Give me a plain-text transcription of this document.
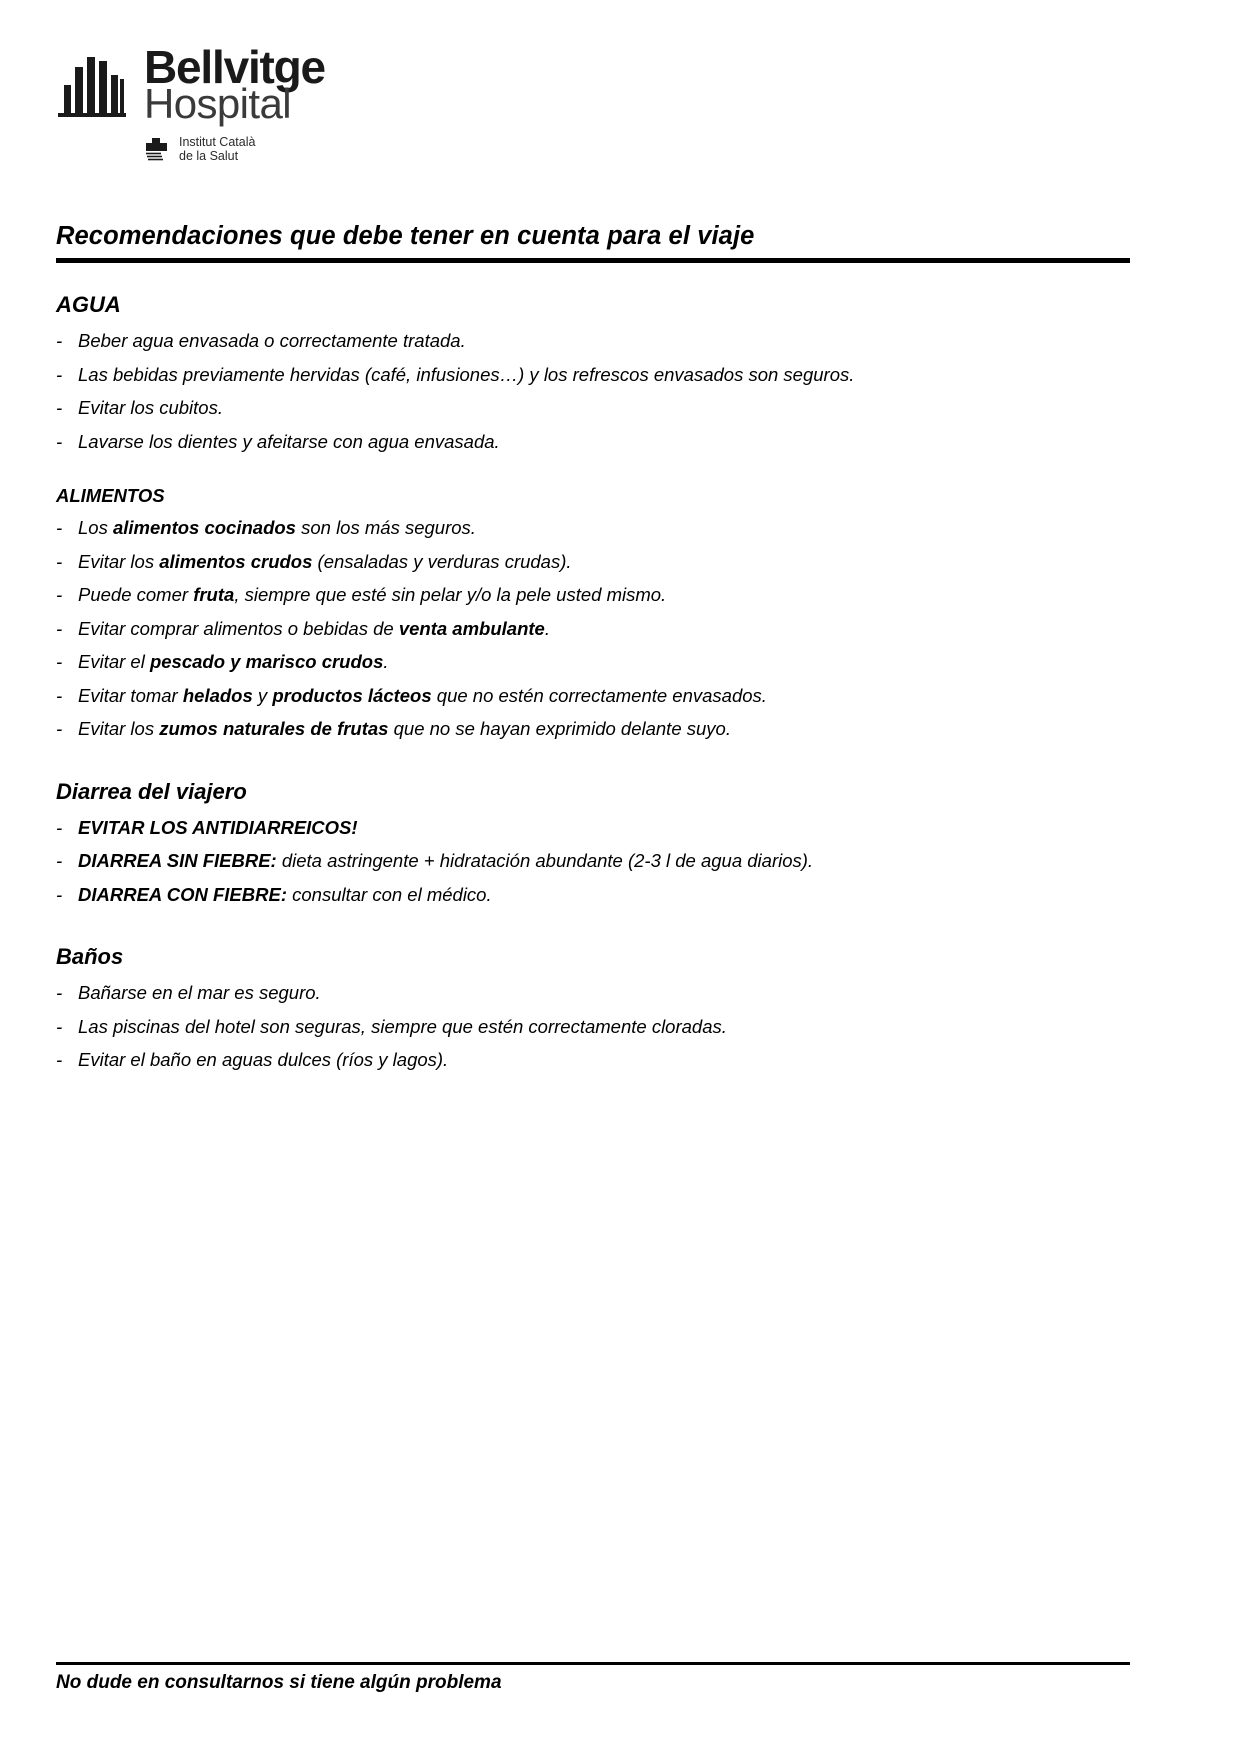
Bellvitge
Hospital
Institut Català
de la Salut
Recomendaciones que debe tener en cuenta para el viaje
AGUA
- Beber agua envasada o correctamente tratada.
- Las bebidas previamente hervidas (café, infusiones…) y los refrescos envasados son seguros.
- Evitar los cubitos.
- Lavarse los dientes y afeitarse con agua envasada.
ALIMENTOS
- Los alimentos cocinados son los más seguros.
- Evitar los alimentos crudos (ensaladas y verduras crudas).
- Puede comer fruta, siempre que esté sin pelar y/o la pele usted mismo.
- Evitar comprar alimentos o bebidas de venta ambulante.
- Evitar el pescado y marisco crudos.
- Evitar tomar helados y productos lácteos que no estén correctamente envasados.
- Evitar los zumos naturales de frutas que no se hayan exprimido delante suyo.
Diarrea del viajero
- EVITAR LOS ANTIDIARREICOS!
- DIARREA SIN FIEBRE: dieta astringente + hidratación abundante (2-3 l de agua diarios).
- DIARREA CON FIEBRE: consultar con el médico.
Baños
- Bañarse en el mar es seguro.
- Las piscinas del hotel son seguras, siempre que estén correctamente cloradas.
- Evitar el baño en aguas dulces (ríos y lagos).
No dude en consultarnos si tiene algún problema
